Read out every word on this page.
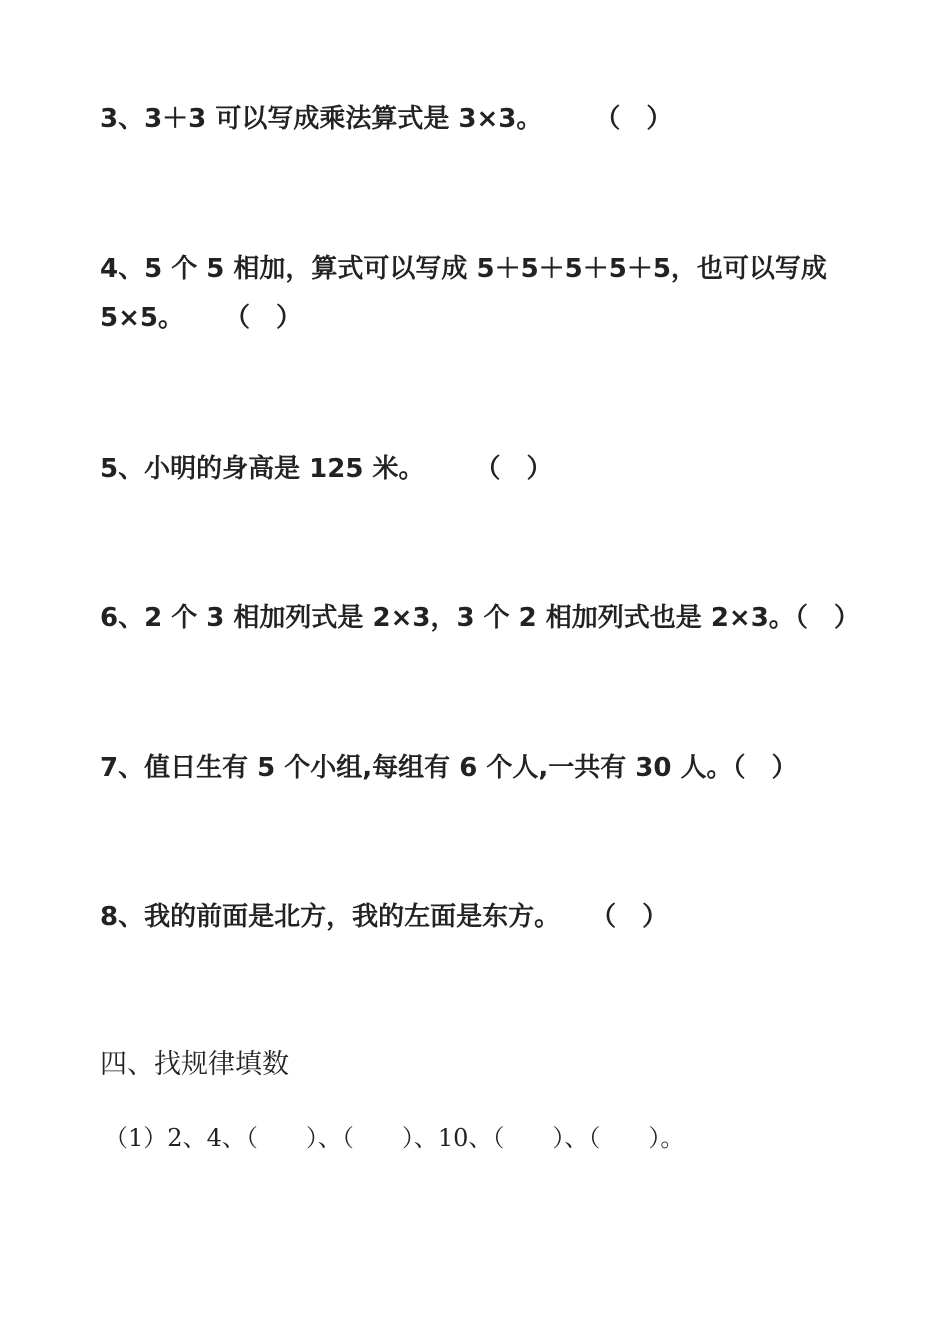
3、3＋3 可以写成乘法算式是 3×3。 （　）
4、5 个 5 相加，算式可以写成 5＋5＋5＋5＋5，也可以写成
5×5。 （　）
5、小明的身高是 125 米。 （　）
6、2 个 3 相加列式是 2×3，3 个 2 相加列式也是 2×3。（　）
7、值日生有 5 个小组,每组有 6 个人,一共有 30 人。（　）
8、我的前面是北方，我的左面是东方。 （　）
四、找规律填数
（1）2、4、（　　）、（　　）、10、（　　）、（　　）。
